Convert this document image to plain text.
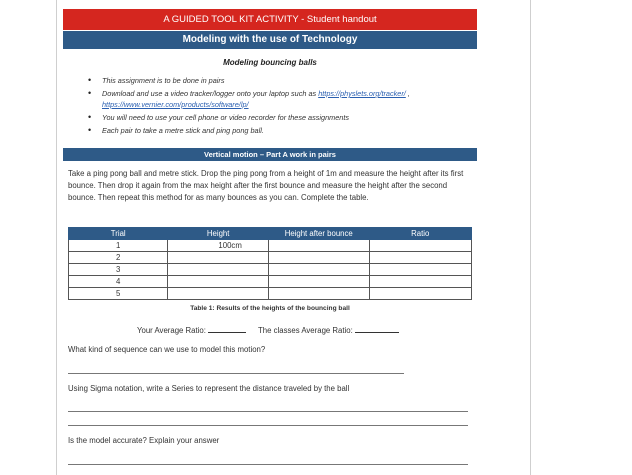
A GUIDED TOOL KIT ACTIVITY - Student handout
Modeling with the use of Technology
Modeling bouncing balls
• This assignment is to be done in pairs
• Download and use a video tracker/logger onto your laptop such as https://physlets.org/tracker/ ,
https://www.vernier.com/products/software/lp/
• You will need to use your cell phone or video recorder for these assignments
• Each pair to take a metre stick and ping pong ball.
Vertical motion – Part A work in pairs

Take a ping pong ball and metre stick. Drop the ping pong from a height of 1m and measure the height after its first bounce. Then drop it again from the max height after the first bounce and measure the height after the second bounce. Then repeat this method for as many bounces as you can. Complete the table.

Trial	Height	Height after bounce	Ratio
1	100cm		
2			
3			
4			
5			
Table 1: Results of the heights of the bouncing ball
Your Average Ratio:	The classes Average Ratio:
What kind of sequence can we use to model this motion?
Using Sigma notation, write a Series to represent the distance traveled by the ball
Is the model accurate? Explain your answer
